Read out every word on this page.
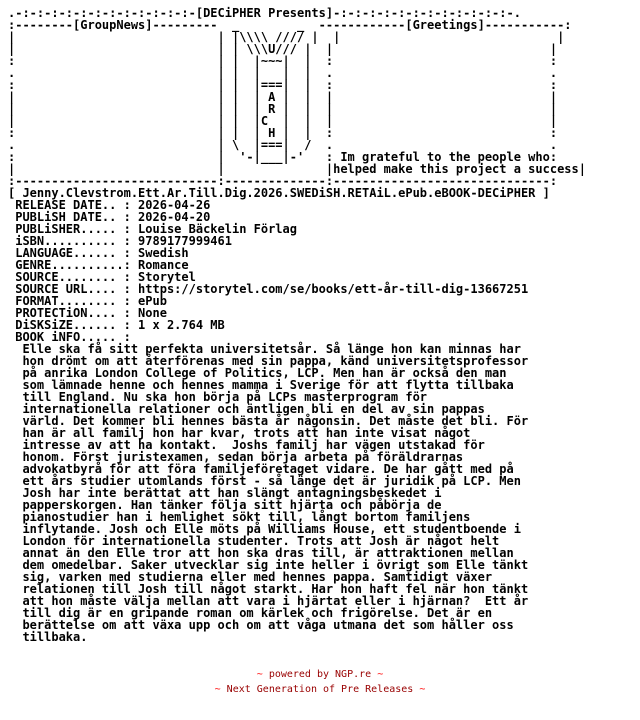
.-:-:-:-:-:-:-:-:-:-:-:-:-[DECiPHER Presents]-:-:-:-:-:-:-:-:-:-:-:-:-.
:--------[GroupNews]---------  _        _  ------------[Greetings]-----------:
|                            | |\\\\ //// |  |                              |
|                            | | \\\U/// |  |                              |
:                            | |  |~~~|  |  :                              :
.                            | |  |   |  |  .                              .
:                            | |  |===|  |  :                              :
|                            | |  | A |  |  |                              |
|                            | |  | R |  |  |                              |
|                            | |  |C  |  |  |                              |
:                            | |  | H |  |  :                              :
.                            | \  |===|  /  .                              .
:                            |  '-|___|-'   : Im grateful to the people who:
|                            |              |helped make this project a success|
:----------------------------:--------------:------------------------------:
[ Jenny.Clevstrom.Ett.Ar.Till.Dig.2026.SWEDiSH.RETAiL.ePub.eBOOK-DECiPHER ]
RELEASE DATE.. : 2026-04-26
PUBLiSH DATE.. : 2026-04-20
PUBLiSHER..... : Louise Bäckelin Förlag
iSBN.......... : 9789177999461
LANGUAGE...... : Swedish
GENRE..........: Romance
SOURCE........ : Storytel
SOURCE URL.... : https://storytel.com/se/books/ett-år-till-dig-13667251
FORMAT........ : ePub
PROTECTiON.... : None
DiSKSiZE...... : 1 x 2.764 MB
BOOK iNFO..... :
Elle ska få sitt perfekta universitetsår. Så länge hon kan minnas har
hon drömt om att återförenas med sin pappa, känd universitetsprofessor
på anrika London College of Politics, LCP. Men han är också den man
som lämnade henne och hennes mamma i Sverige för att flytta tillbaka
till England. Nu ska hon börja på LCPs masterprogram för
internationella relationer och äntligen bli en del av sin pappas
värld. Det kommer bli hennes bästa år någonsin. Det måste det bli. För
han är all familj hon har kvar, trots att han inte visat något
intresse av att ha kontakt.  Joshs familj har vägen utstakad för
honom. Först juristexamen, sedan börja arbeta på föräldrarnas
advokatbyrå för att föra familjeföretaget vidare. De har gått med på
ett års studier utomlands först - så länge det är juridik på LCP. Men
Josh har inte berättat att han slängt antagningsbeskedet i
papperskorgen. Han tänker följa sitt hjärta och påbörja de
pianostudier han i hemlighet sökt till, långt bortom familjens
inflytande. Josh och Elle möts på Williams House, ett studentboende i
London för internationella studenter. Trots att Josh är något helt
annat än den Elle tror att hon ska dras till, är attraktionen mellan
dem omedelbar. Saker utvecklar sig inte heller i övrigt som Elle tänkt
sig, varken med studierna eller med hennes pappa. Samtidigt växer
relationen till Josh till något starkt. Har hon haft fel när hon tänkt
att hon måste välja mellan att vara i hjärtat eller i hjärnan?  Ett år
till dig är en gripande roman om kärlek och frigörelse. Det är en
berättelse om att växa upp och om att våga utmana det som håller oss
tillbaka.
~ powered by NGP.re ~
~ Next Generation of Pre Releases ~
